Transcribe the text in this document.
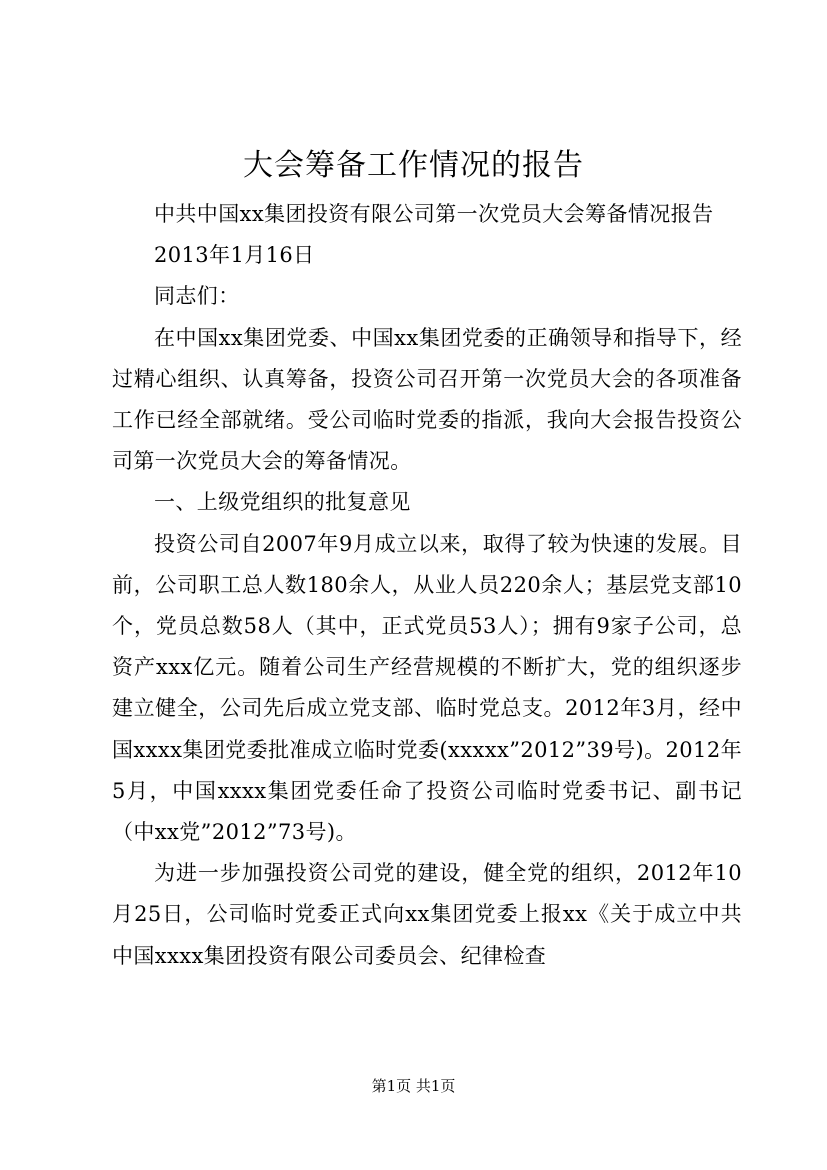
大会筹备工作情况的报告

中共中国xx集团投资有限公司第一次党员大会筹备情况报告

2013年1月16日

同志们：

在中国xx集团党委、中国xx集团党委的正确领导和指导下，经过精心组织、认真筹备，投资公司召开第一次党员大会的各项准备工作已经全部就绪。受公司临时党委的指派，我向大会报告投资公司第一次党员大会的筹备情况。

一、上级党组织的批复意见

投资公司自2007年9月成立以来，取得了较为快速的发展。目前，公司职工总人数180余人，从业人员220余人；基层党支部10个，党员总数58人（其中，正式党员53人）；拥有9家子公司，总资产xxx亿元。随着公司生产经营规模的不断扩大，党的组织逐步建立健全，公司先后成立党支部、临时党总支。2012年3月，经中国xxxx集团党委批准成立临时党委(xxxxx”2012”39号)。2012年5月，中国xxxx集团党委任命了投资公司临时党委书记、副书记（中xx党”2012”73号)。

为进一步加强投资公司党的建设，健全党的组织，2012年10月25日，公司临时党委正式向xx集团党委上报xx《关于成立中共中国xxxx集团投资有限公司委员会、纪律检查

第1页 共1页
